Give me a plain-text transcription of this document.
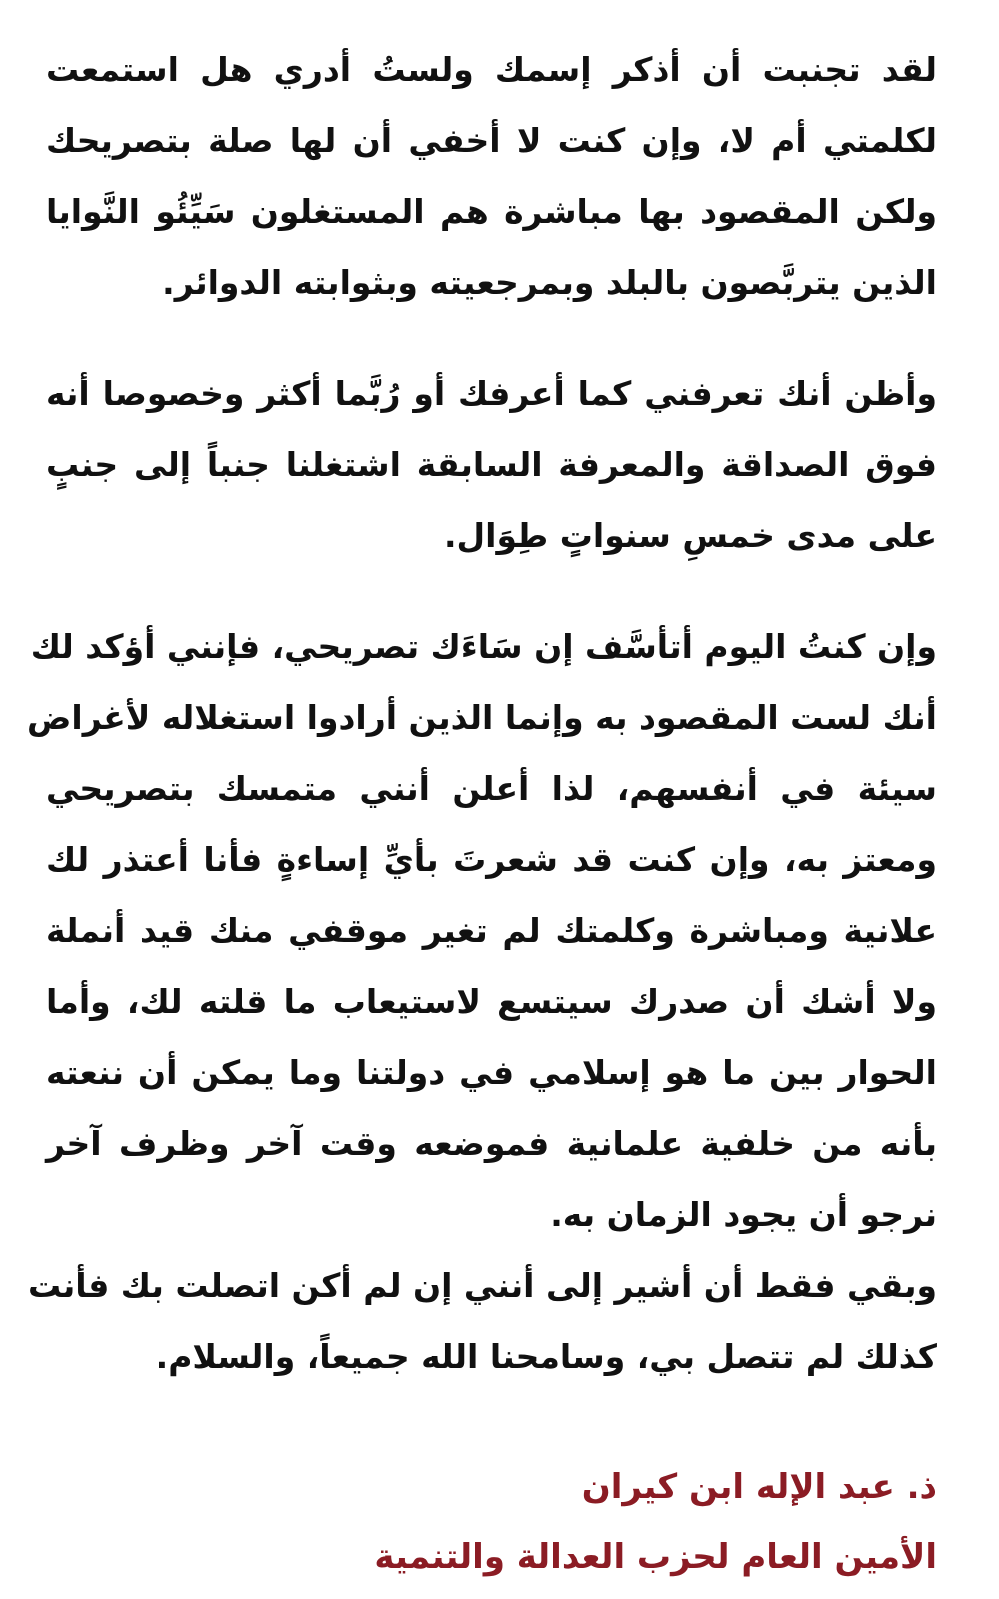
لقد تجنبت أن أذكر إسمك ولستُ أدري هل استمعت
لكلمتي أم لا، وإن كنت لا أخفي أن لها صلة بتصريحك
ولكن المقصود بها مباشرة هم المستغلون سَيِّئُو النَّوايا
الذين يتربَّصون بالبلد وبمرجعيته وبثوابته الدوائر.
وأظن أنك تعرفني كما أعرفك أو رُبَّما أكثر وخصوصا أنه
فوق الصداقة والمعرفة السابقة اشتغلنا جنباً إلى جنبٍ
على مدى خمسِ سنواتٍ طِوَال.
وإن كنتُ اليوم أتأسَّف إن سَاءَك تصريحي، فإنني أؤكد لك
أنك لست المقصود به وإنما الذين أرادوا استغلاله لأغراض
سيئة في أنفسهم، لذا أعلن أنني متمسك بتصريحي
ومعتز به، وإن كنت قد شعرتَ بأيِّ إساءةٍ فأنا أعتذر لك
علانية ومباشرة وكلمتك لم تغير موقفي منك قيد أنملة
ولا أشك أن صدرك سيتسع لاستيعاب ما قلته لك، وأما
الحوار بين ما هو إسلامي في دولتنا وما يمكن أن ننعته
بأنه من خلفية علمانية فموضعه وقت آخر وظرف آخر
نرجو أن يجود الزمان به.
وبقي فقط أن أشير إلى أنني إن لم أكن اتصلت بك فأنت
كذلك لم تتصل بي، وسامحنا الله جميعاً، والسلام.
ذ. عبد الإله ابن كيران
الأمين العام لحزب العدالة والتنمية
